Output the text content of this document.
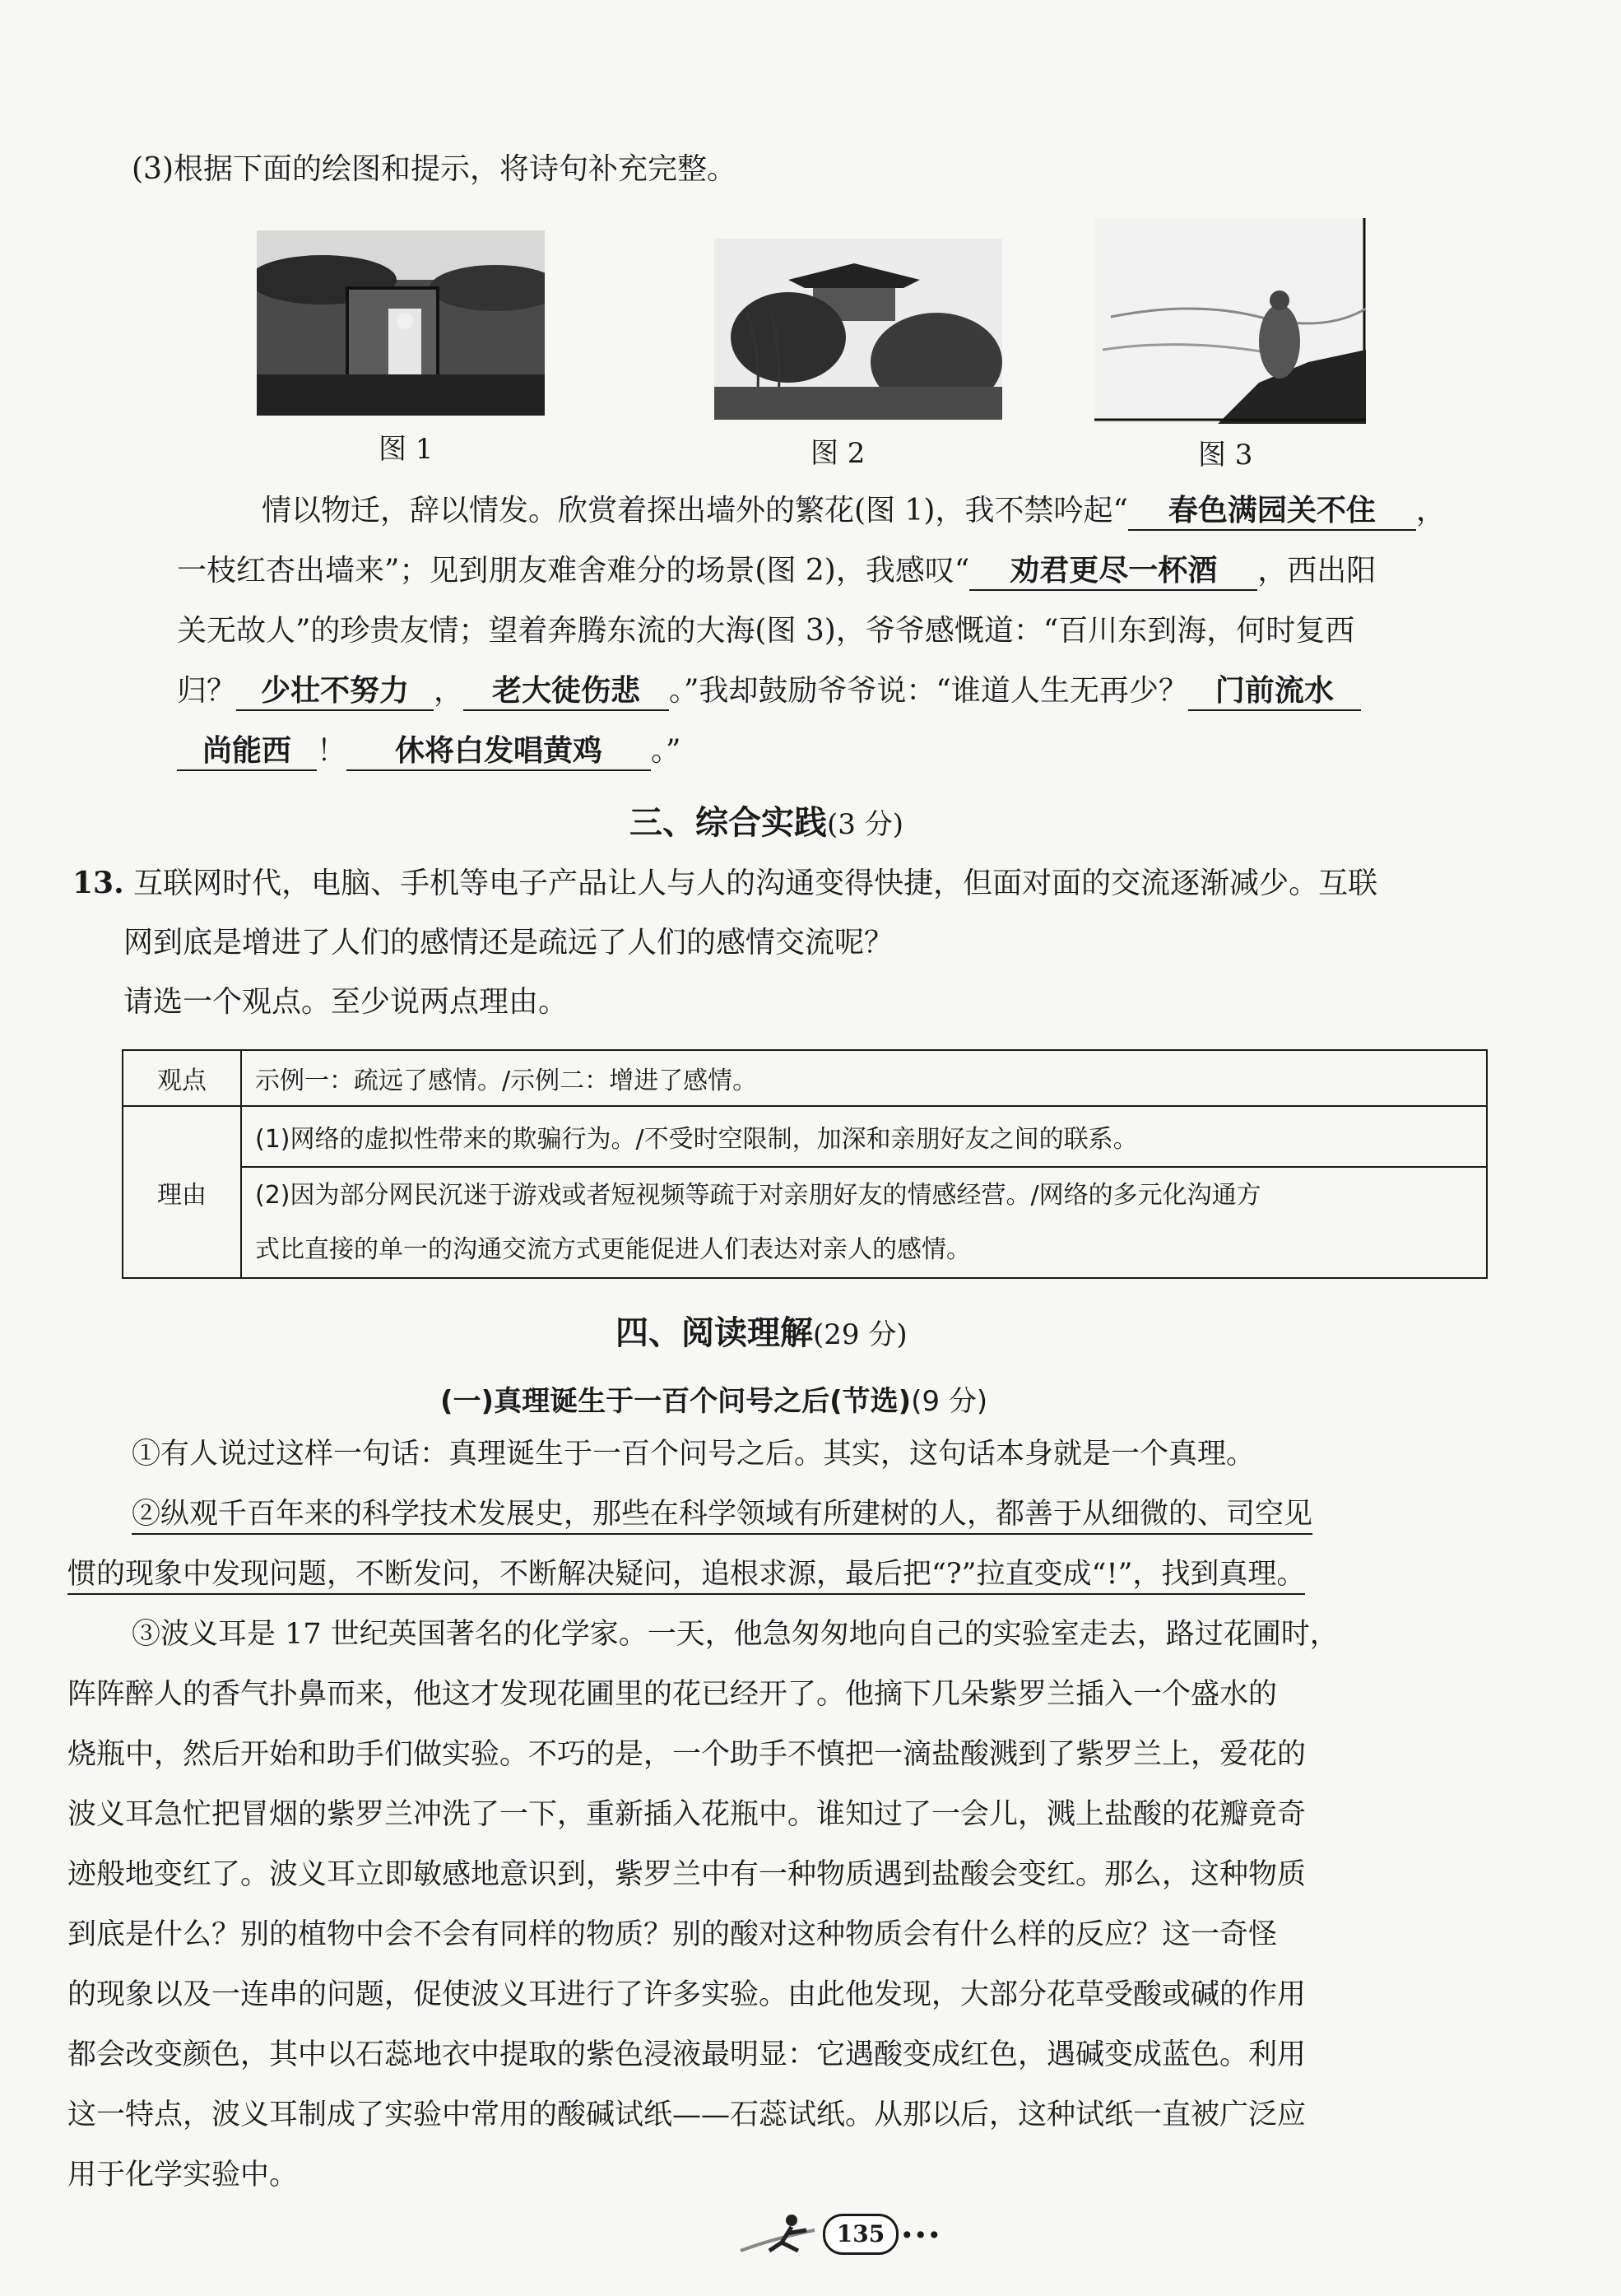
(3)根据下面的绘图和提示，将诗句补充完整。
图 1	图 2	图 3
情以物迁，辞以情发。欣赏着探出墙外的繁花(图 1)，我不禁吟起“ 春色满园关不住 ，
一枝红杏出墙来”；见到朋友难舍难分的场景(图 2)，我感叹“ 劝君更尽一杯酒 ，西出阳
关无故人”的珍贵友情；望着奔腾东流的大海(图 3)，爷爷感慨道：“百川东到海，何时复西
归？ 少壮不努力 ， 老大徒伤悲 。”我却鼓励爷爷说：“谁道人生无再少？ 门前流水
尚能西 ！ 休将白发唱黄鸡 。”
三、综合实践(3 分)
13. 互联网时代，电脑、手机等电子产品让人与人的沟通变得快捷，但面对面的交流逐渐减少。互联
网到底是增进了人们的感情还是疏远了人们的感情交流呢？
请选一个观点。至少说两点理由。
观点	示例一：疏远了感情。/示例二：增进了感情。
理由	(1)网络的虚拟性带来的欺骗行为。/不受时空限制，加深和亲朋好友之间的联系。

	(2)因为部分网民沉迷于游戏或者短视频等疏于对亲朋好友的情感经营。/网络的多元化沟通方
式比直接的单一的沟通交流方式更能促进人们表达对亲人的感情。
四、阅读理解(29 分)
(一)真理诞生于一百个问号之后(节选)(9 分)
①有人说过这样一句话：真理诞生于一百个问号之后。其实，这句话本身就是一个真理。
②纵观千百年来的科学技术发展史，那些在科学领域有所建树的人，都善于从细微的、司空见
惯的现象中发现问题，不断发问，不断解决疑问，追根求源，最后把“?”拉直变成“!”，找到真理。
③波义耳是 17 世纪英国著名的化学家。一天，他急匆匆地向自己的实验室走去，路过花圃时，
阵阵醉人的香气扑鼻而来，他这才发现花圃里的花已经开了。他摘下几朵紫罗兰插入一个盛水的
烧瓶中，然后开始和助手们做实验。不巧的是，一个助手不慎把一滴盐酸溅到了紫罗兰上，爱花的
波义耳急忙把冒烟的紫罗兰冲洗了一下，重新插入花瓶中。谁知过了一会儿，溅上盐酸的花瓣竟奇
迹般地变红了。波义耳立即敏感地意识到，紫罗兰中有一种物质遇到盐酸会变红。那么，这种物质
到底是什么？别的植物中会不会有同样的物质？别的酸对这种物质会有什么样的反应？这一奇怪
的现象以及一连串的问题，促使波义耳进行了许多实验。由此他发现，大部分花草受酸或碱的作用
都会改变颜色，其中以石蕊地衣中提取的紫色浸液最明显：它遇酸变成红色，遇碱变成蓝色。利用
这一特点，波义耳制成了实验中常用的酸碱试纸——石蕊试纸。从那以后，这种试纸一直被广泛应
用于化学实验中。
135 •••
